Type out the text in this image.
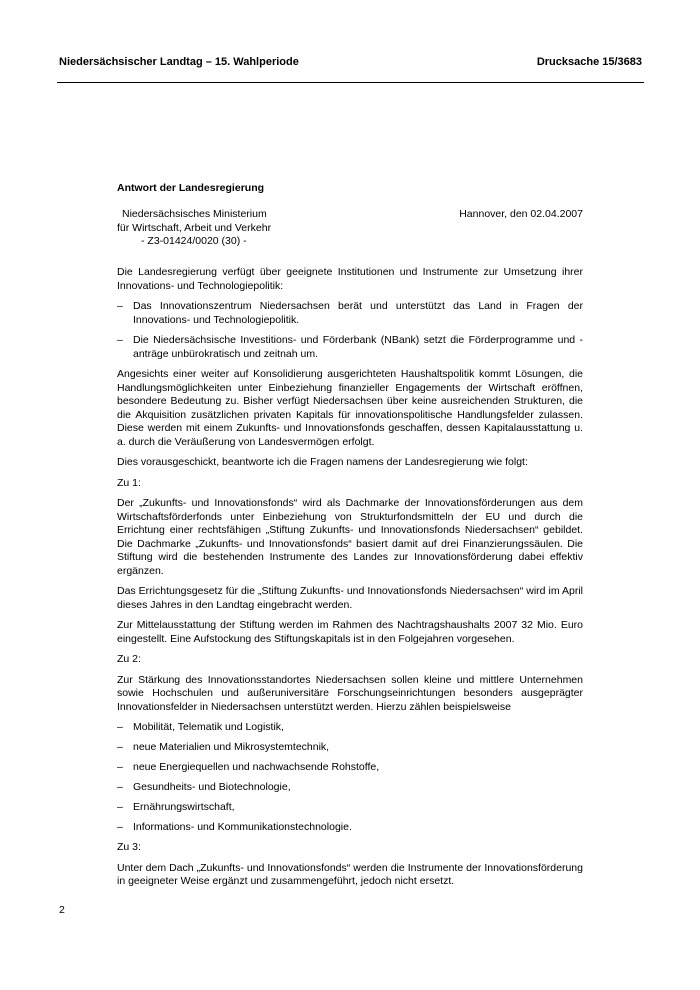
Niedersächsischer Landtag – 15. Wahlperiode	Drucksache 15/3683
Antwort der Landesregierung
Niedersächsisches Ministerium
für Wirtschaft, Arbeit und Verkehr
- Z3-01424/0020 (30) -
Hannover, den 02.04.2007

Die Landesregierung verfügt über geeignete Institutionen und Instrumente zur Umsetzung ihrer Innovations- und Technologiepolitik:

– Das Innovationszentrum Niedersachsen berät und unterstützt das Land in Fragen der Innovations- und Technologiepolitik.
– Die Niedersächsische Investitions- und Förderbank (NBank) setzt die Förderprogramme und -anträge unbürokratisch und zeitnah um.

Angesichts einer weiter auf Konsolidierung ausgerichteten Haushaltspolitik kommt Lösungen, die Handlungsmöglichkeiten unter Einbeziehung finanzieller Engagements der Wirtschaft eröffnen, besondere Bedeutung zu. Bisher verfügt Niedersachsen über keine ausreichenden Strukturen, die die Akquisition zusätzlichen privaten Kapitals für innovationspolitische Handlungsfelder zulassen. Diese werden mit einem Zukunfts- und Innovationsfonds geschaffen, dessen Kapitalausstattung u. a. durch die Veräußerung von Landesvermögen erfolgt.

Dies vorausgeschickt, beantworte ich die Fragen namens der Landesregierung wie folgt:

Zu 1:

Der „Zukunfts- und Innovationsfonds“ wird als Dachmarke der Innovationsförderungen aus dem Wirtschaftsförderfonds unter Einbeziehung von Strukturfondsmitteln der EU und durch die Errichtung einer rechtsfähigen „Stiftung Zukunfts- und Innovationsfonds Niedersachsen“ gebildet. Die Dachmarke „Zukunfts- und Innovationsfonds“ basiert damit auf drei Finanzierungssäulen. Die Stiftung wird die bestehenden Instrumente des Landes zur Innovationsförderung dabei effektiv ergänzen.

Das Errichtungsgesetz für die „Stiftung Zukunfts- und Innovationsfonds Niedersachsen“ wird im April dieses Jahres in den Landtag eingebracht werden.

Zur Mittelausstattung der Stiftung werden im Rahmen des Nachtragshaushalts 2007 32 Mio. Euro eingestellt. Eine Aufstockung des Stiftungskapitals ist in den Folgejahren vorgesehen.

Zu 2:

Zur Stärkung des Innovationsstandortes Niedersachsen sollen kleine und mittlere Unternehmen sowie Hochschulen und außeruniversitäre Forschungseinrichtungen besonders ausgeprägter Innovationsfelder in Niedersachsen unterstützt werden. Hierzu zählen beispielsweise

– Mobilität, Telematik und Logistik,
– neue Materialien und Mikrosystemtechnik,
– neue Energiequellen und nachwachsende Rohstoffe,
– Gesundheits- und Biotechnologie,
– Ernährungswirtschaft,
– Informations- und Kommunikationstechnologie.

Zu 3:

Unter dem Dach „Zukunfts- und Innovationsfonds“ werden die Instrumente der Innovationsförderung in geeigneter Weise ergänzt und zusammengeführt, jedoch nicht ersetzt.

2
